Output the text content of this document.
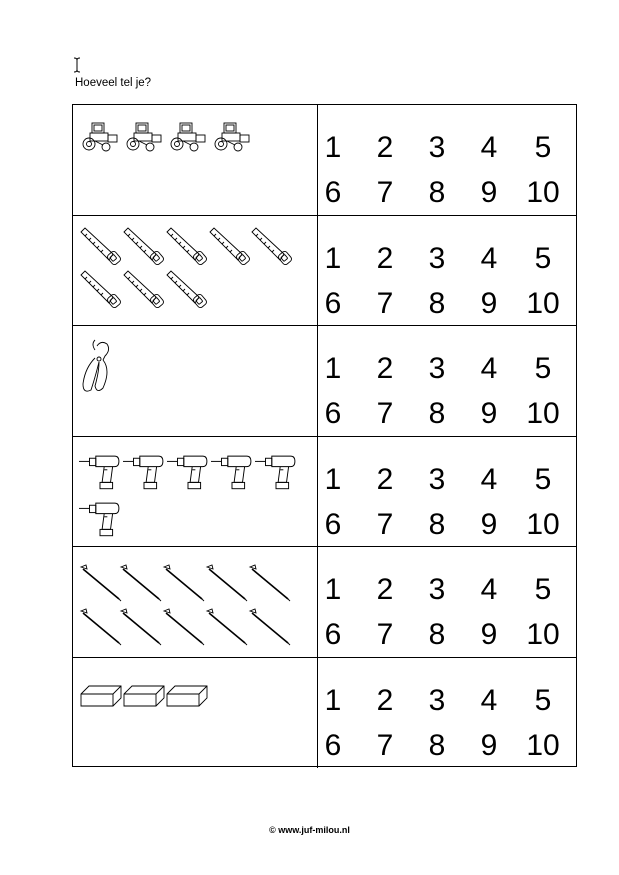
Hoeveel tel je?
1	2	3	4	5
6	7	8	9 10
1	2	3	4	5
6	7	8	9 10
1	2	3	4	5
6	7	8	9 10
1	2	3	4	5
6	7	8	9 10
1	2	3	4	5
6	7	8	9 10
1	2	3	4	5
6	7	8	9 10
© www.juf-milou.nl
